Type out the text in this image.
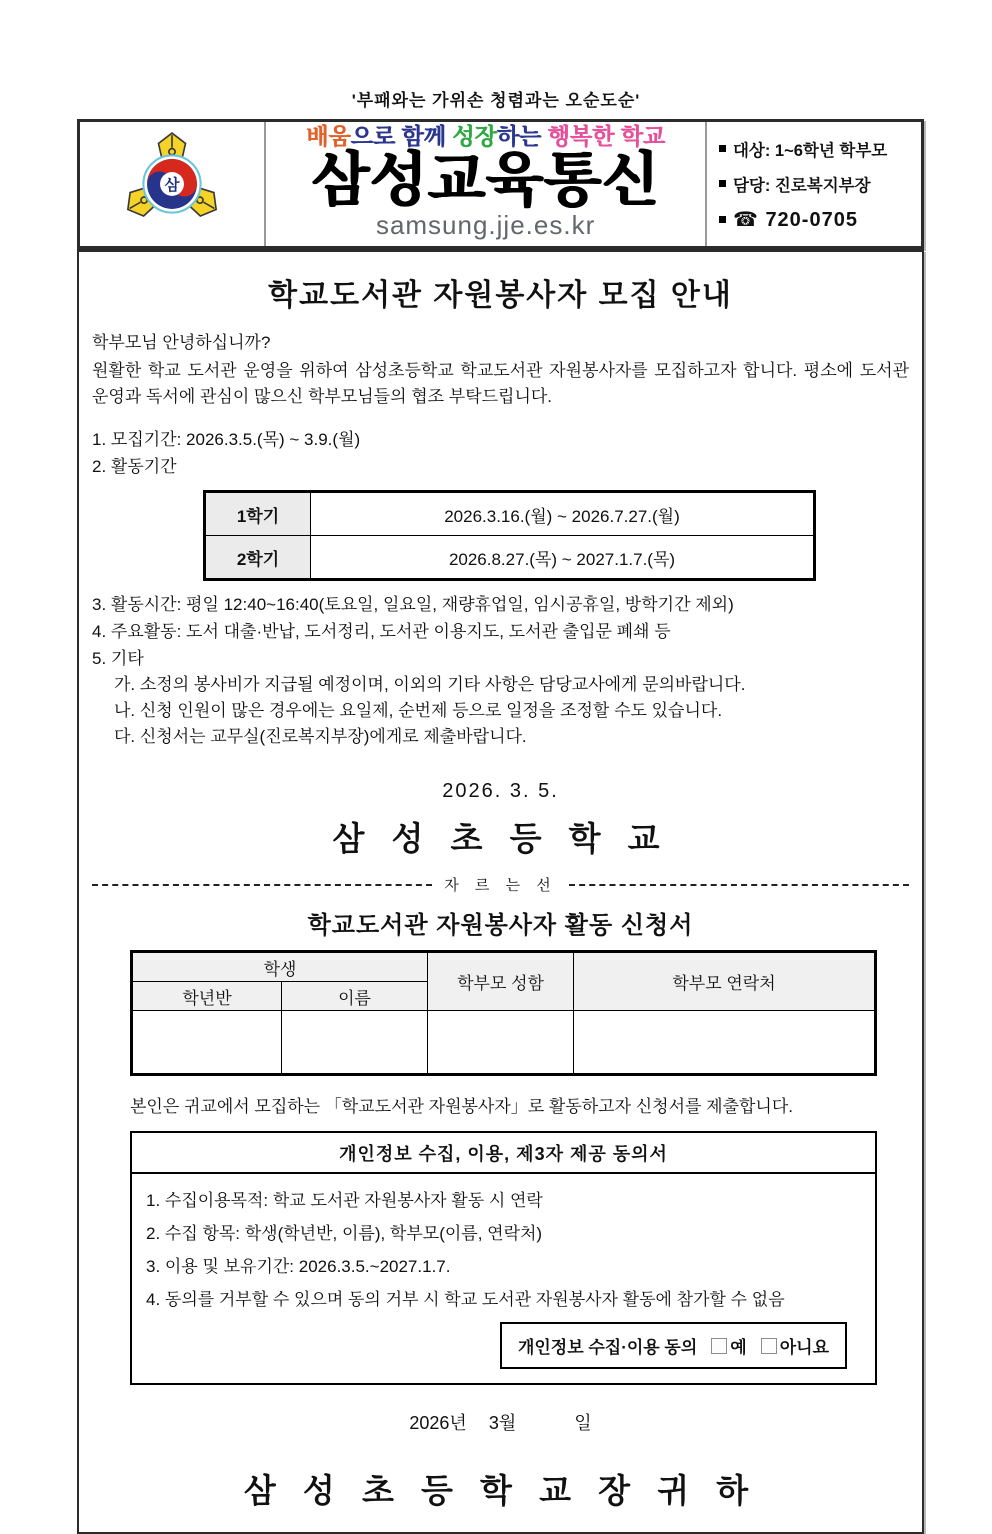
'부패와는 가위손 청렴과는 오순도순'
삼
배움으로 함께 성장하는 행복한 학교
삼성교육통신
samsung.jje.es.kr
대상: 1~6학년 학부모
담당: 진로복지부장
☎ 720-0705
학교도서관 자원봉사자 모집 안내
학부모님 안녕하십니까?
원활한 학교 도서관 운영을 위하여 삼성초등학교 학교도서관 자원봉사자를 모집하고자 합니다. 평소에 도서관 운영과 독서에 관심이 많으신 학부모님들의 협조 부탁드립니다.
1. 모집기간: 2026.3.5.(목) ~ 3.9.(월)
2. 활동기간
1학기	2026.3.16.(월) ~ 2026.7.27.(월)
2학기	2026.8.27.(목) ~ 2027.1.7.(목)
3. 활동시간: 평일 12:40~16:40(토요일, 일요일, 재량휴업일, 임시공휴일, 방학기간 제외)
4. 주요활동: 도서 대출·반납, 도서정리, 도서관 이용지도, 도서관 출입문 폐쇄 등
5. 기타
가. 소정의 봉사비가 지급될 예정이며, 이외의 기타 사항은 담당교사에게 문의바랍니다.
나. 신청 인원이 많은 경우에는 요일제, 순번제 등으로 일정을 조정할 수도 있습니다.
다. 신청서는 교무실(진로복지부장)에게로 제출바랍니다.
2026. 3. 5.
삼 성 초 등 학 교
자 르 는 선
학교도서관 자원봉사자 활동 신청서
학생		학부모 성함	학부모 연락처
학년반	이름		

본인은 귀교에서 모집하는 「학교도서관 자원봉사자」로 활동하고자 신청서를 제출합니다.
개인정보 수집, 이용, 제3자 제공 동의서
1. 수집이용목적: 학교 도서관 자원봉사자 활동 시 연락
2. 수집 항목: 학생(학년반, 이름), 학부모(이름, 연락처)
3. 이용 및 보유기간: 2026.3.5.~2027.1.7.
4. 동의를 거부할 수 있으며 동의 거부 시 학교 도서관 자원봉사자 활동에 참가할 수 없음
개인정보 수집·이용 동의 예 아니요
2026년 3월	일
삼 성 초 등 학 교 장 귀 하
